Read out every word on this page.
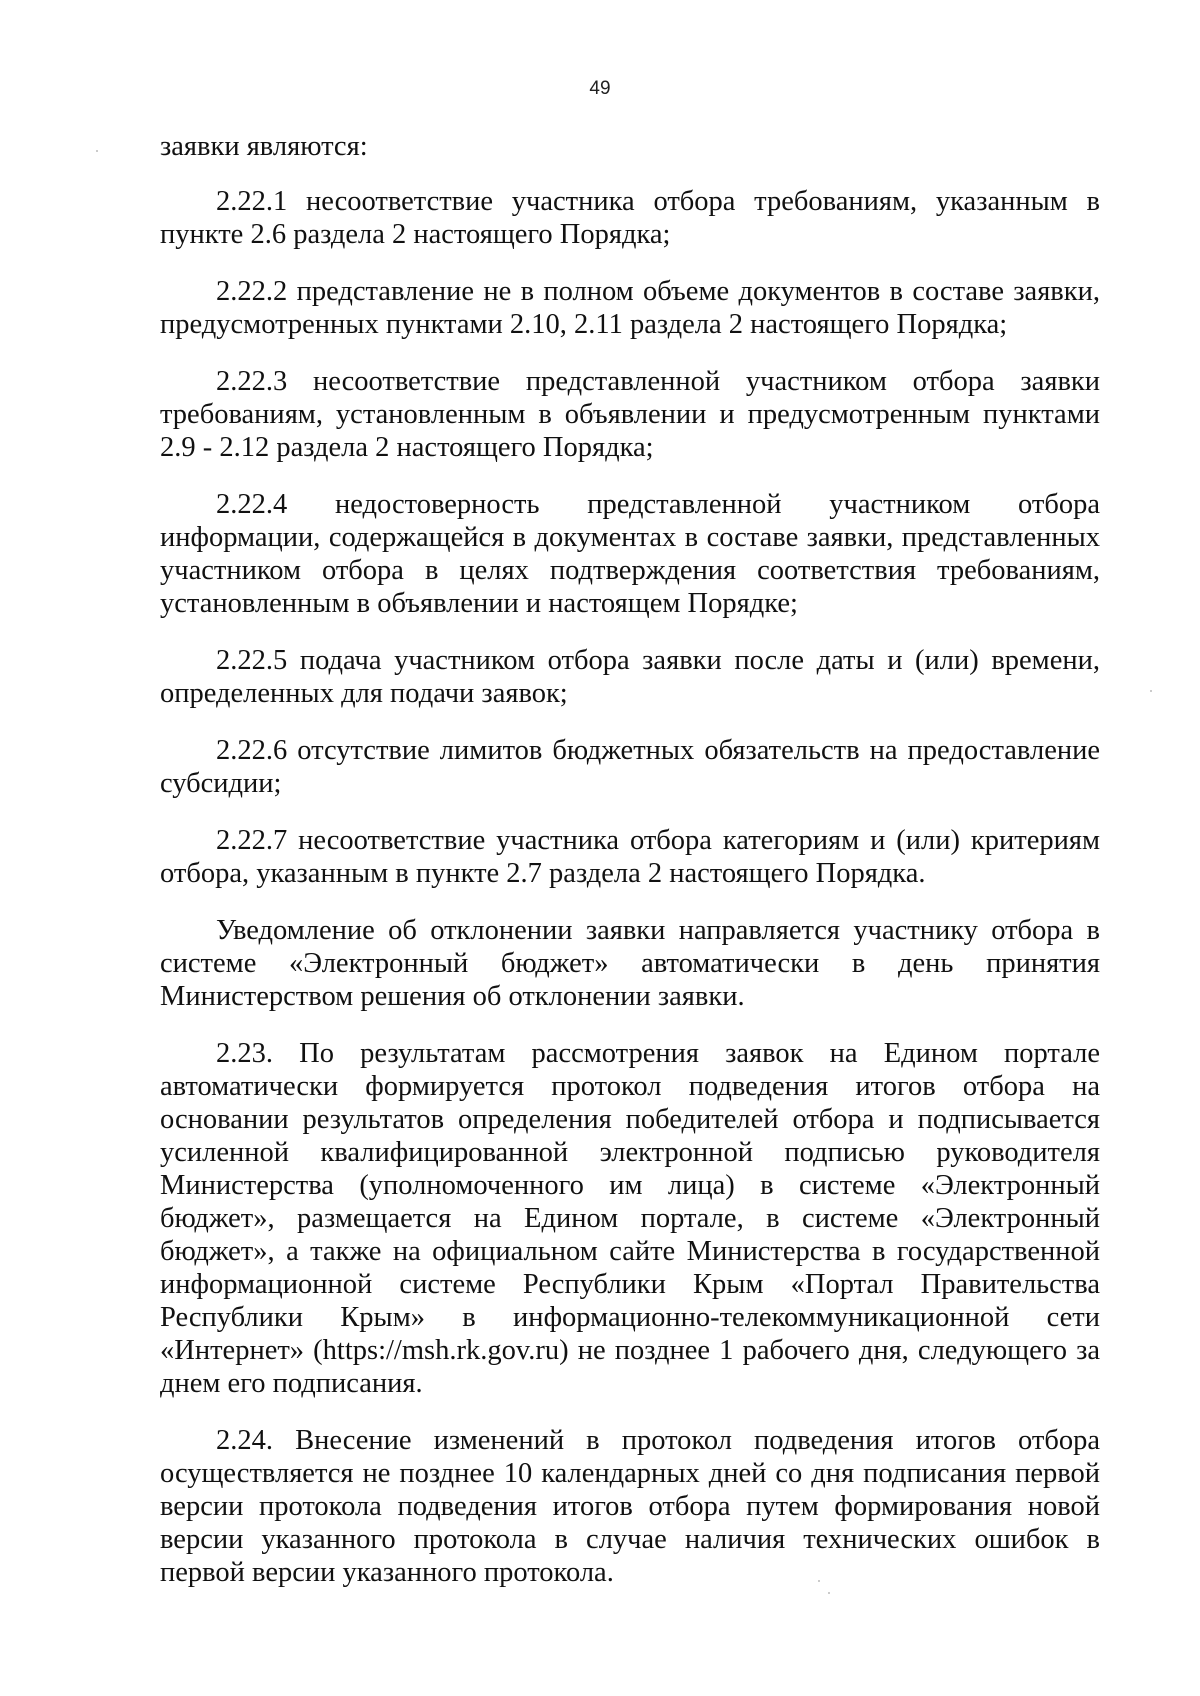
49

заявки являются:

2.22.1 несоответствие участника отбора требованиям, указанным в пункте 2.6 раздела 2 настоящего Порядка;

2.22.2 представление не в полном объеме документов в составе заявки, предусмотренных пунктами 2.10, 2.11 раздела 2 настоящего Порядка;

2.22.3 несоответствие представленной участником отбора заявки требованиям, установленным в объявлении и предусмотренным пунктами 2.9 - 2.12 раздела 2 настоящего Порядка;

2.22.4 недостоверность представленной участником отбора информации, содержащейся в документах в составе заявки, представленных участником отбора в целях подтверждения соответствия требованиям, установленным в объявлении и настоящем Порядке;

2.22.5 подача участником отбора заявки после даты и (или) времени, определенных для подачи заявок;

2.22.6 отсутствие лимитов бюджетных обязательств на предоставление субсидии;

2.22.7 несоответствие участника отбора категориям и (или) критериям отбора, указанным в пункте 2.7 раздела 2 настоящего Порядка.

Уведомление об отклонении заявки направляется участнику отбора в системе «Электронный бюджет» автоматически в день принятия Министерством решения об отклонении заявки.

2.23. По результатам рассмотрения заявок на Едином портале автоматически формируется протокол подведения итогов отбора на основании результатов определения победителей отбора и подписывается усиленной квалифицированной электронной подписью руководителя Министерства (уполномоченного им лица) в системе «Электронный бюджет», размещается на Едином портале, в системе «Электронный бюджет», а также на официальном сайте Министерства в государственной информационной системе Республики Крым «Портал Правительства Республики Крым» в информационно-телекоммуникационной сети «Интернет» (https://msh.rk.gov.ru) не позднее 1 рабочего дня, следующего за днем его подписания.

2.24. Внесение изменений в протокол подведения итогов отбора осуществляется не позднее 10 календарных дней со дня подписания первой версии протокола подведения итогов отбора путем формирования новой версии указанного протокола в случае наличия технических ошибок в первой версии указанного протокола.
